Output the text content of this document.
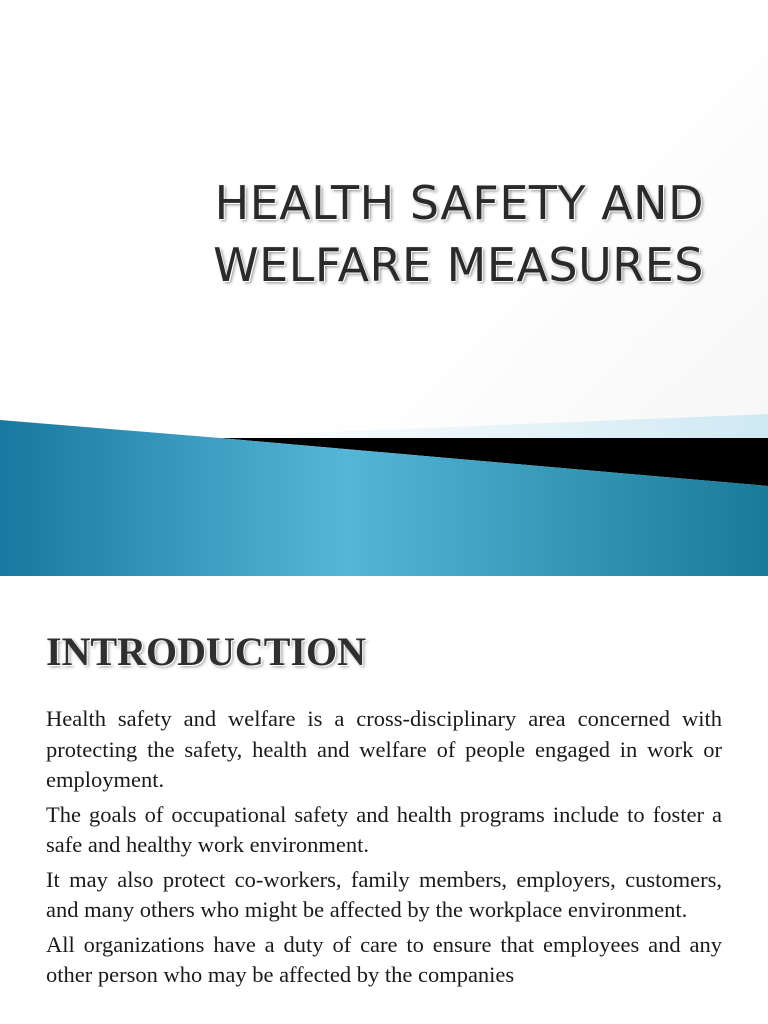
HEALTH SAFETY AND
WELFARE MEASURES
INTRODUCTION

Health safety and welfare is a cross-disciplinary area concerned with protecting the safety, health and welfare of people engaged in work or employment.

The goals of occupational safety and health programs include to foster a safe and healthy work environment.

It may also protect co-workers, family members, employers, customers, and many others who might be affected by the workplace environment.

All organizations have a duty of care to ensure that employees and any other person who may be affected by the companies
